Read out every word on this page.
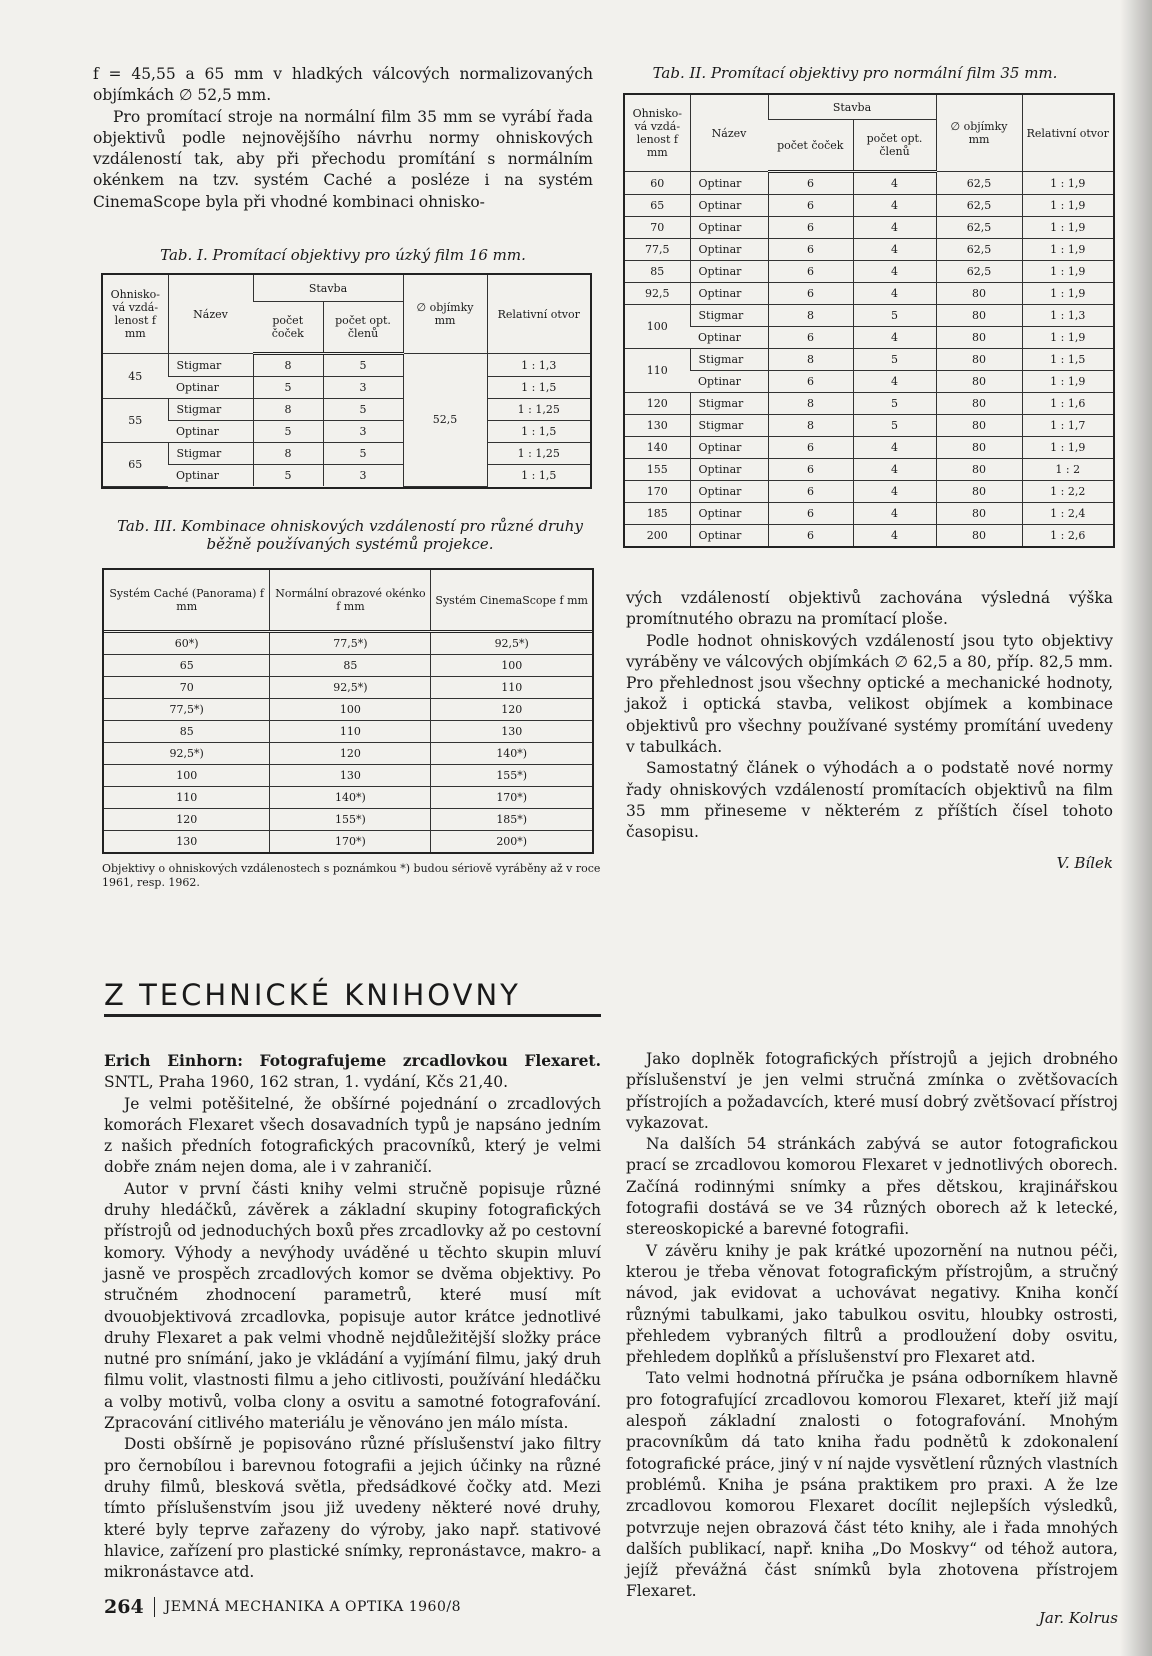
f = 45,55 a 65 mm v hladkých válcových normalizovaných objímkách ∅ 52,5 mm.

Pro promítací stroje na normální film 35 mm se vyrábí řada objektivů podle nejnovějšího návrhu normy ohniskových vzdáleností tak, aby při přechodu promítání s normálním okénkem na tzv. systém Caché a posléze i na systém CinemaScope byla při vhodné kombinaci ohnisko-

Tab. I. Promítací objektivy pro úzký film 16 mm.

Ohnisko-vá vzdá-lenost f mm	Název	Stavba		∅ objímky mm	Relativní otvor
		počet čoček	počet opt. členů		
45	Stigmar	8	5	52,5	1 : 1,3
	Optinar	5	3		1 : 1,5
55	Stigmar	8	5		1 : 1,25
	Optinar	5	3		1 : 1,5
65	Stigmar	8	5		1 : 1,25
	Optinar	5	3		1 : 1,5

Tab. III. Kombinace ohniskových vzdáleností pro různé druhy běžně používaných systémů projekce.

Systém Caché (Panorama) f mm	Normální obrazové okénko f mm	Systém CinemaScope f mm
60*)	77,5*)	92,5*)
65	85	100
70	92,5*)	110
77,5*)	100	120
85	110	130
92,5*)	120	140*)
100	130	155*)
110	140*)	170*)
120	155*)	185*)
130	170*)	200*)

Objektivy o ohniskových vzdálenostech s poznámkou *) budou sériově vyráběny až v roce 1961, resp. 1962.

Tab. II. Promítací objektivy pro normální film 35 mm.

Ohnisko-vá vzdá-lenost f mm	Název	Stavba		∅ objímky mm	Relativní otvor
		počet čoček	počet opt. členů		
60	Optinar	6	4	62,5	1 : 1,9
65	Optinar	6	4	62,5	1 : 1,9
70	Optinar	6	4	62,5	1 : 1,9
77,5	Optinar	6	4	62,5	1 : 1,9
85	Optinar	6	4	62,5	1 : 1,9
92,5	Optinar	6	4	80	1 : 1,9
100	Stigmar	8	5	80	1 : 1,3
	Optinar	6	4	80	1 : 1,9
110	Stigmar	8	5	80	1 : 1,5
	Optinar	6	4	80	1 : 1,9
120	Stigmar	8	5	80	1 : 1,6
130	Stigmar	8	5	80	1 : 1,7
140	Optinar	6	4	80	1 : 1,9
155	Optinar	6	4	80	1 : 2
170	Optinar	6	4	80	1 : 2,2
185	Optinar	6	4	80	1 : 2,4
200	Optinar	6	4	80	1 : 2,6

vých vzdáleností objektivů zachována výsledná výška promítnutého obrazu na promítací ploše.

Podle hodnot ohniskových vzdáleností jsou tyto objektivy vyráběny ve válcových objímkách ∅ 62,5 a 80, příp. 82,5 mm. Pro přehlednost jsou všechny optické a mechanické hodnoty, jakož i optická stavba, velikost objímek a kombinace objektivů pro všechny používané systémy promítání uvedeny v tabulkách.

Samostatný článek o výhodách a o podstatě nové normy řady ohniskových vzdáleností promítacích objektivů na film 35 mm přineseme v některém z příštích čísel tohoto časopisu.

V. Bílek

Z TECHNICKÉ KNIHOVNY

Erich Einhorn: Fotografujeme zrcadlovkou Flexaret. SNTL, Praha 1960, 162 stran, 1. vydání, Kčs 21,40.

Je velmi potěšitelné, že obšírné pojednání o zrcadlových komorách Flexaret všech dosavadních typů je napsáno jedním z našich předních fotografických pracovníků, který je velmi dobře znám nejen doma, ale i v zahraničí.

Autor v první části knihy velmi stručně popisuje různé druhy hledáčků, závěrek a základní skupiny fotografických přístrojů od jednoduchých boxů přes zrcadlovky až po cestovní komory. Výhody a nevýhody uváděné u těchto skupin mluví jasně ve prospěch zrcadlových komor se dvěma objektivy. Po stručném zhodnocení parametrů, které musí mít dvouobjektivová zrcadlovka, popisuje autor krátce jednotlivé druhy Flexaret a pak velmi vhodně nejdůležitější složky práce nutné pro snímání, jako je vkládání a vyjímání filmu, jaký druh filmu volit, vlastnosti filmu a jeho citlivosti, používání hledáčku a volby motivů, volba clony a osvitu a samotné fotografování. Zpracování citlivého materiálu je věnováno jen málo místa.

Dosti obšírně je popisováno různé příslušenství jako filtry pro černobílou i barevnou fotografii a jejich účinky na různé druhy filmů, blesková světla, předsádkové čočky atd. Mezi tímto příslušenstvím jsou již uvedeny některé nové druhy, které byly teprve zařazeny do výroby, jako např. stativové hlavice, zařízení pro plastické snímky, repronástavce, makro- a mikronástavce atd.

Jako doplněk fotografických přístrojů a jejich drobného příslušenství je jen velmi stručná zmínka o zvětšovacích přístrojích a požadavcích, které musí dobrý zvětšovací přístroj vykazovat.

Na dalších 54 stránkách zabývá se autor fotografickou prací se zrcadlovou komorou Flexaret v jednotlivých oborech. Začíná rodinnými snímky a přes dětskou, krajinářskou fotografii dostává se ve 34 různých oborech až k letecké, stereoskopické a barevné fotografii.

V závěru knihy je pak krátké upozornění na nutnou péči, kterou je třeba věnovat fotografickým přístrojům, a stručný návod, jak evidovat a uchovávat negativy. Kniha končí různými tabulkami, jako tabulkou osvitu, hloubky ostrosti, přehledem vybraných filtrů a prodloužení doby osvitu, přehledem doplňků a příslušenství pro Flexaret atd.

Tato velmi hodnotná příručka je psána odborníkem hlavně pro fotografující zrcadlovou komorou Flexaret, kteří již mají alespoň základní znalosti o fotografování. Mnohým pracovníkům dá tato kniha řadu podnětů k zdokonalení fotografické práce, jiný v ní najde vysvětlení různých vlastních problémů. Kniha je psána praktikem pro praxi. A že lze zrcadlovou komorou Flexaret docílit nejlepších výsledků, potvrzuje nejen obrazová část této knihy, ale i řada mnohých dalších publikací, např. kniha „Do Moskvy“ od téhož autora, jejíž převážná část snímků byla zhotovena přístrojem Flexaret.

Jar. Kolrus

264 JEMNÁ MECHANIKA A OPTIKA 1960/8
